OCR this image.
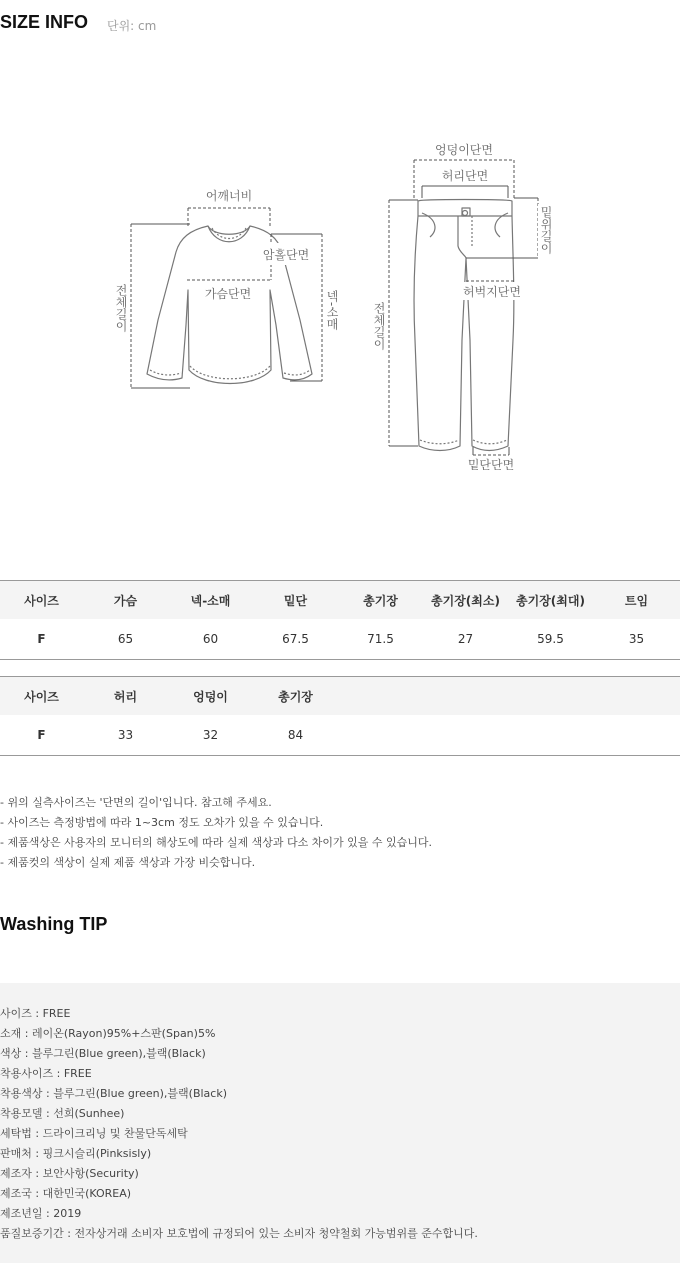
SIZE INFO 단위: cm
어깨너비
암홀단면
가슴단면
전체길이	넥-소매
엉덩이단면
허리단면
밑위길이
허벅지단면
전체길이
밑단단면
사이즈	가슴	넥-소매	밑단	총기장	총기장(최소)	총기장(최대)	트임
F	65	60	67.5	71.5	27	59.5	35
사이즈	허리	엉덩이	총기장				
F	33	32	84				
- 위의 실측사이즈는 '단면의 길이'입니다. 참고해 주세요.
- 사이즈는 측정방법에 따라 1~3cm 정도 오차가 있을 수 있습니다.
- 제품색상은 사용자의 모니터의 해상도에 따라 실제 색상과 다소 차이가 있을 수 있습니다.
- 제품컷의 색상이 실제 제품 색상과 가장 비슷합니다.
Washing TIP
사이즈 : FREE
소재 : 레이온(Rayon)95%+스판(Span)5%
색상 : 블루그린(Blue green),블랙(Black)
착용사이즈 : FREE
착용색상 : 블루그린(Blue green),블랙(Black)
착용모델 : 선희(Sunhee)
세탁법 : 드라이크리닝 및 찬물단독세탁
판매처 : 핑크시슬리(Pinksisly)
제조자 : 보안사항(Security)
제조국 : 대한민국(KOREA)
제조년일 : 2019
품질보증기간 : 전자상거래 소비자 보호법에 규정되어 있는 소비자 청약철회 가능범위를 준수합니다.
